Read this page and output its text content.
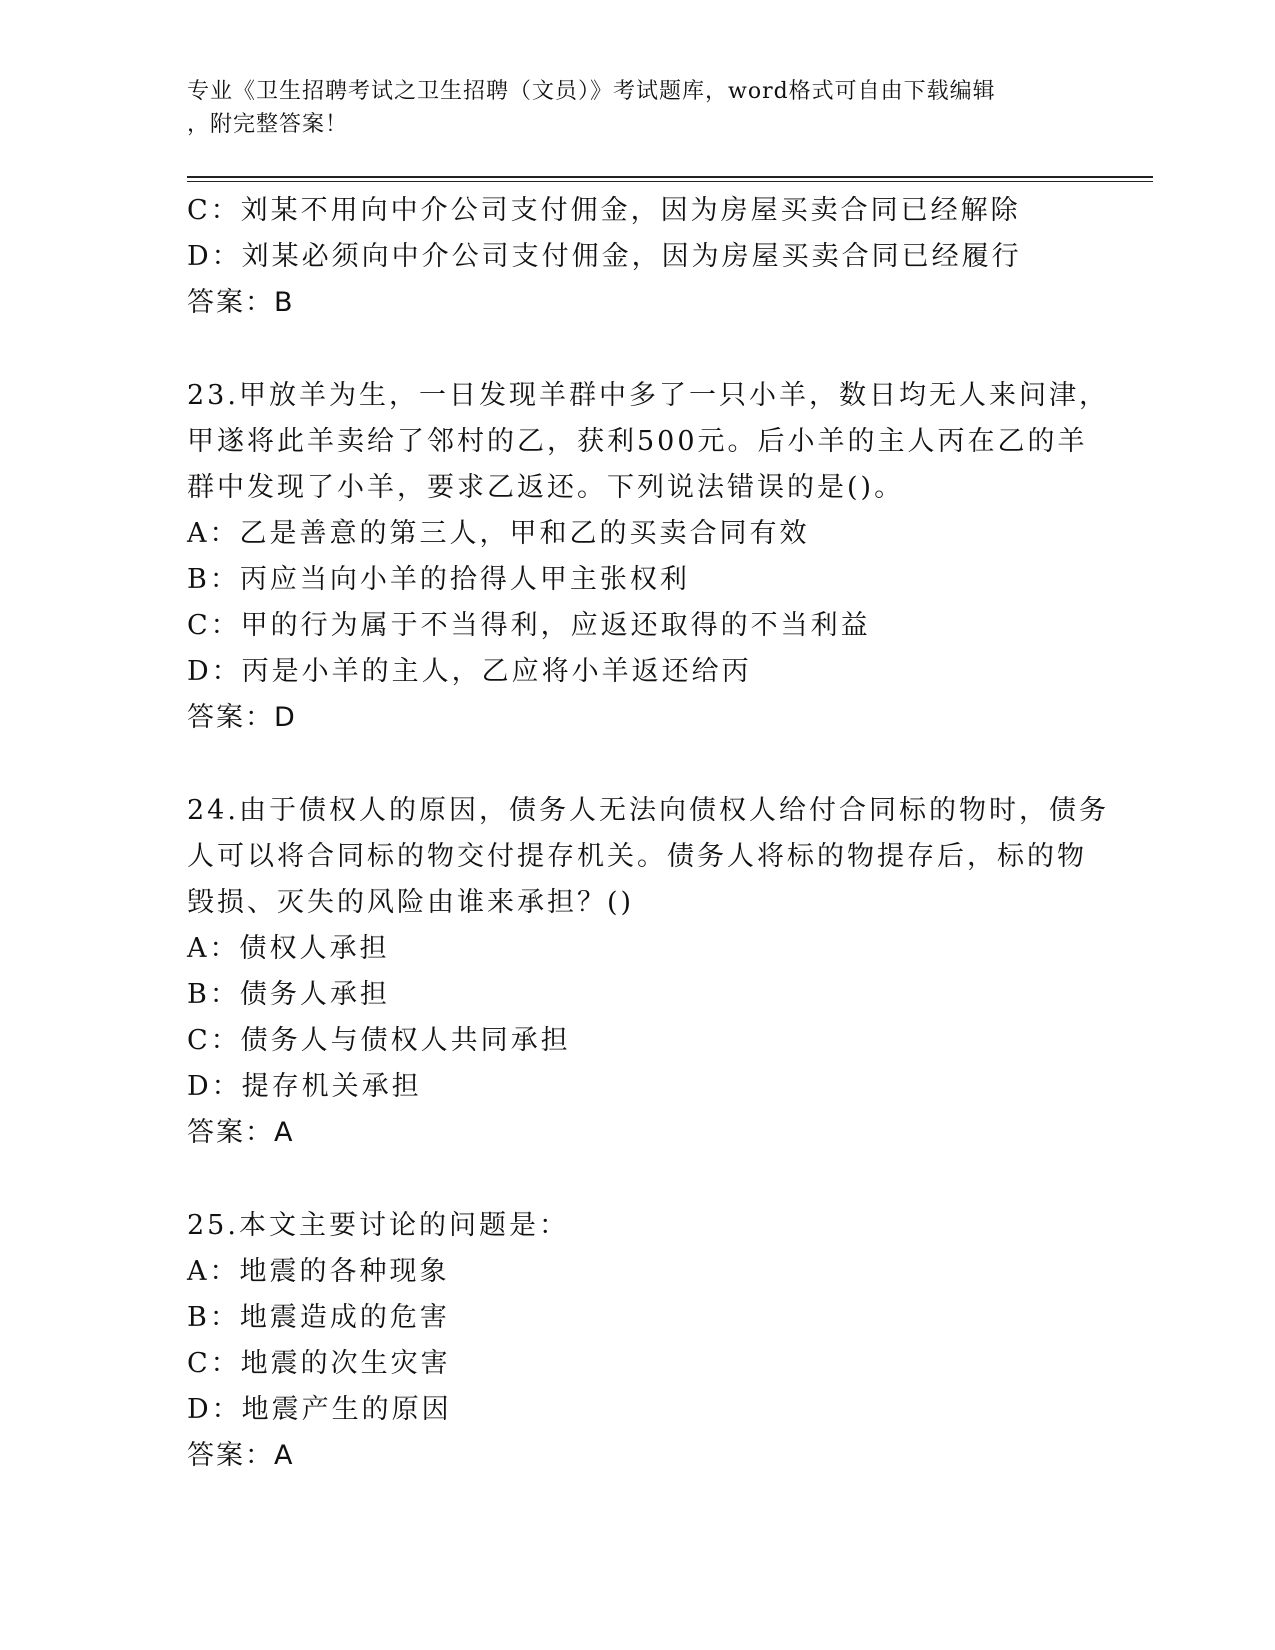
专业《卫生招聘考试之卫生招聘（文员）》考试题库，word格式可自由下载编辑
，附完整答案！
C：刘某不用向中介公司支付佣金，因为房屋买卖合同已经解除
D：刘某必须向中介公司支付佣金，因为房屋买卖合同已经履行
答案：B
23.甲放羊为生，一日发现羊群中多了一只小羊，数日均无人来问津，
甲遂将此羊卖给了邻村的乙，获利500元。后小羊的主人丙在乙的羊
群中发现了小羊，要求乙返还。下列说法错误的是()。
A：乙是善意的第三人，甲和乙的买卖合同有效
B：丙应当向小羊的拾得人甲主张权利
C：甲的行为属于不当得利，应返还取得的不当利益
D：丙是小羊的主人，乙应将小羊返还给丙
答案：D
24.由于债权人的原因，债务人无法向债权人给付合同标的物时，债务
人可以将合同标的物交付提存机关。债务人将标的物提存后，标的物
毁损、灭失的风险由谁来承担？()
A：债权人承担
B：债务人承担
C：债务人与债权人共同承担
D：提存机关承担
答案：A
25.本文主要讨论的问题是：
A：地震的各种现象
B：地震造成的危害
C：地震的次生灾害
D：地震产生的原因
答案：A
